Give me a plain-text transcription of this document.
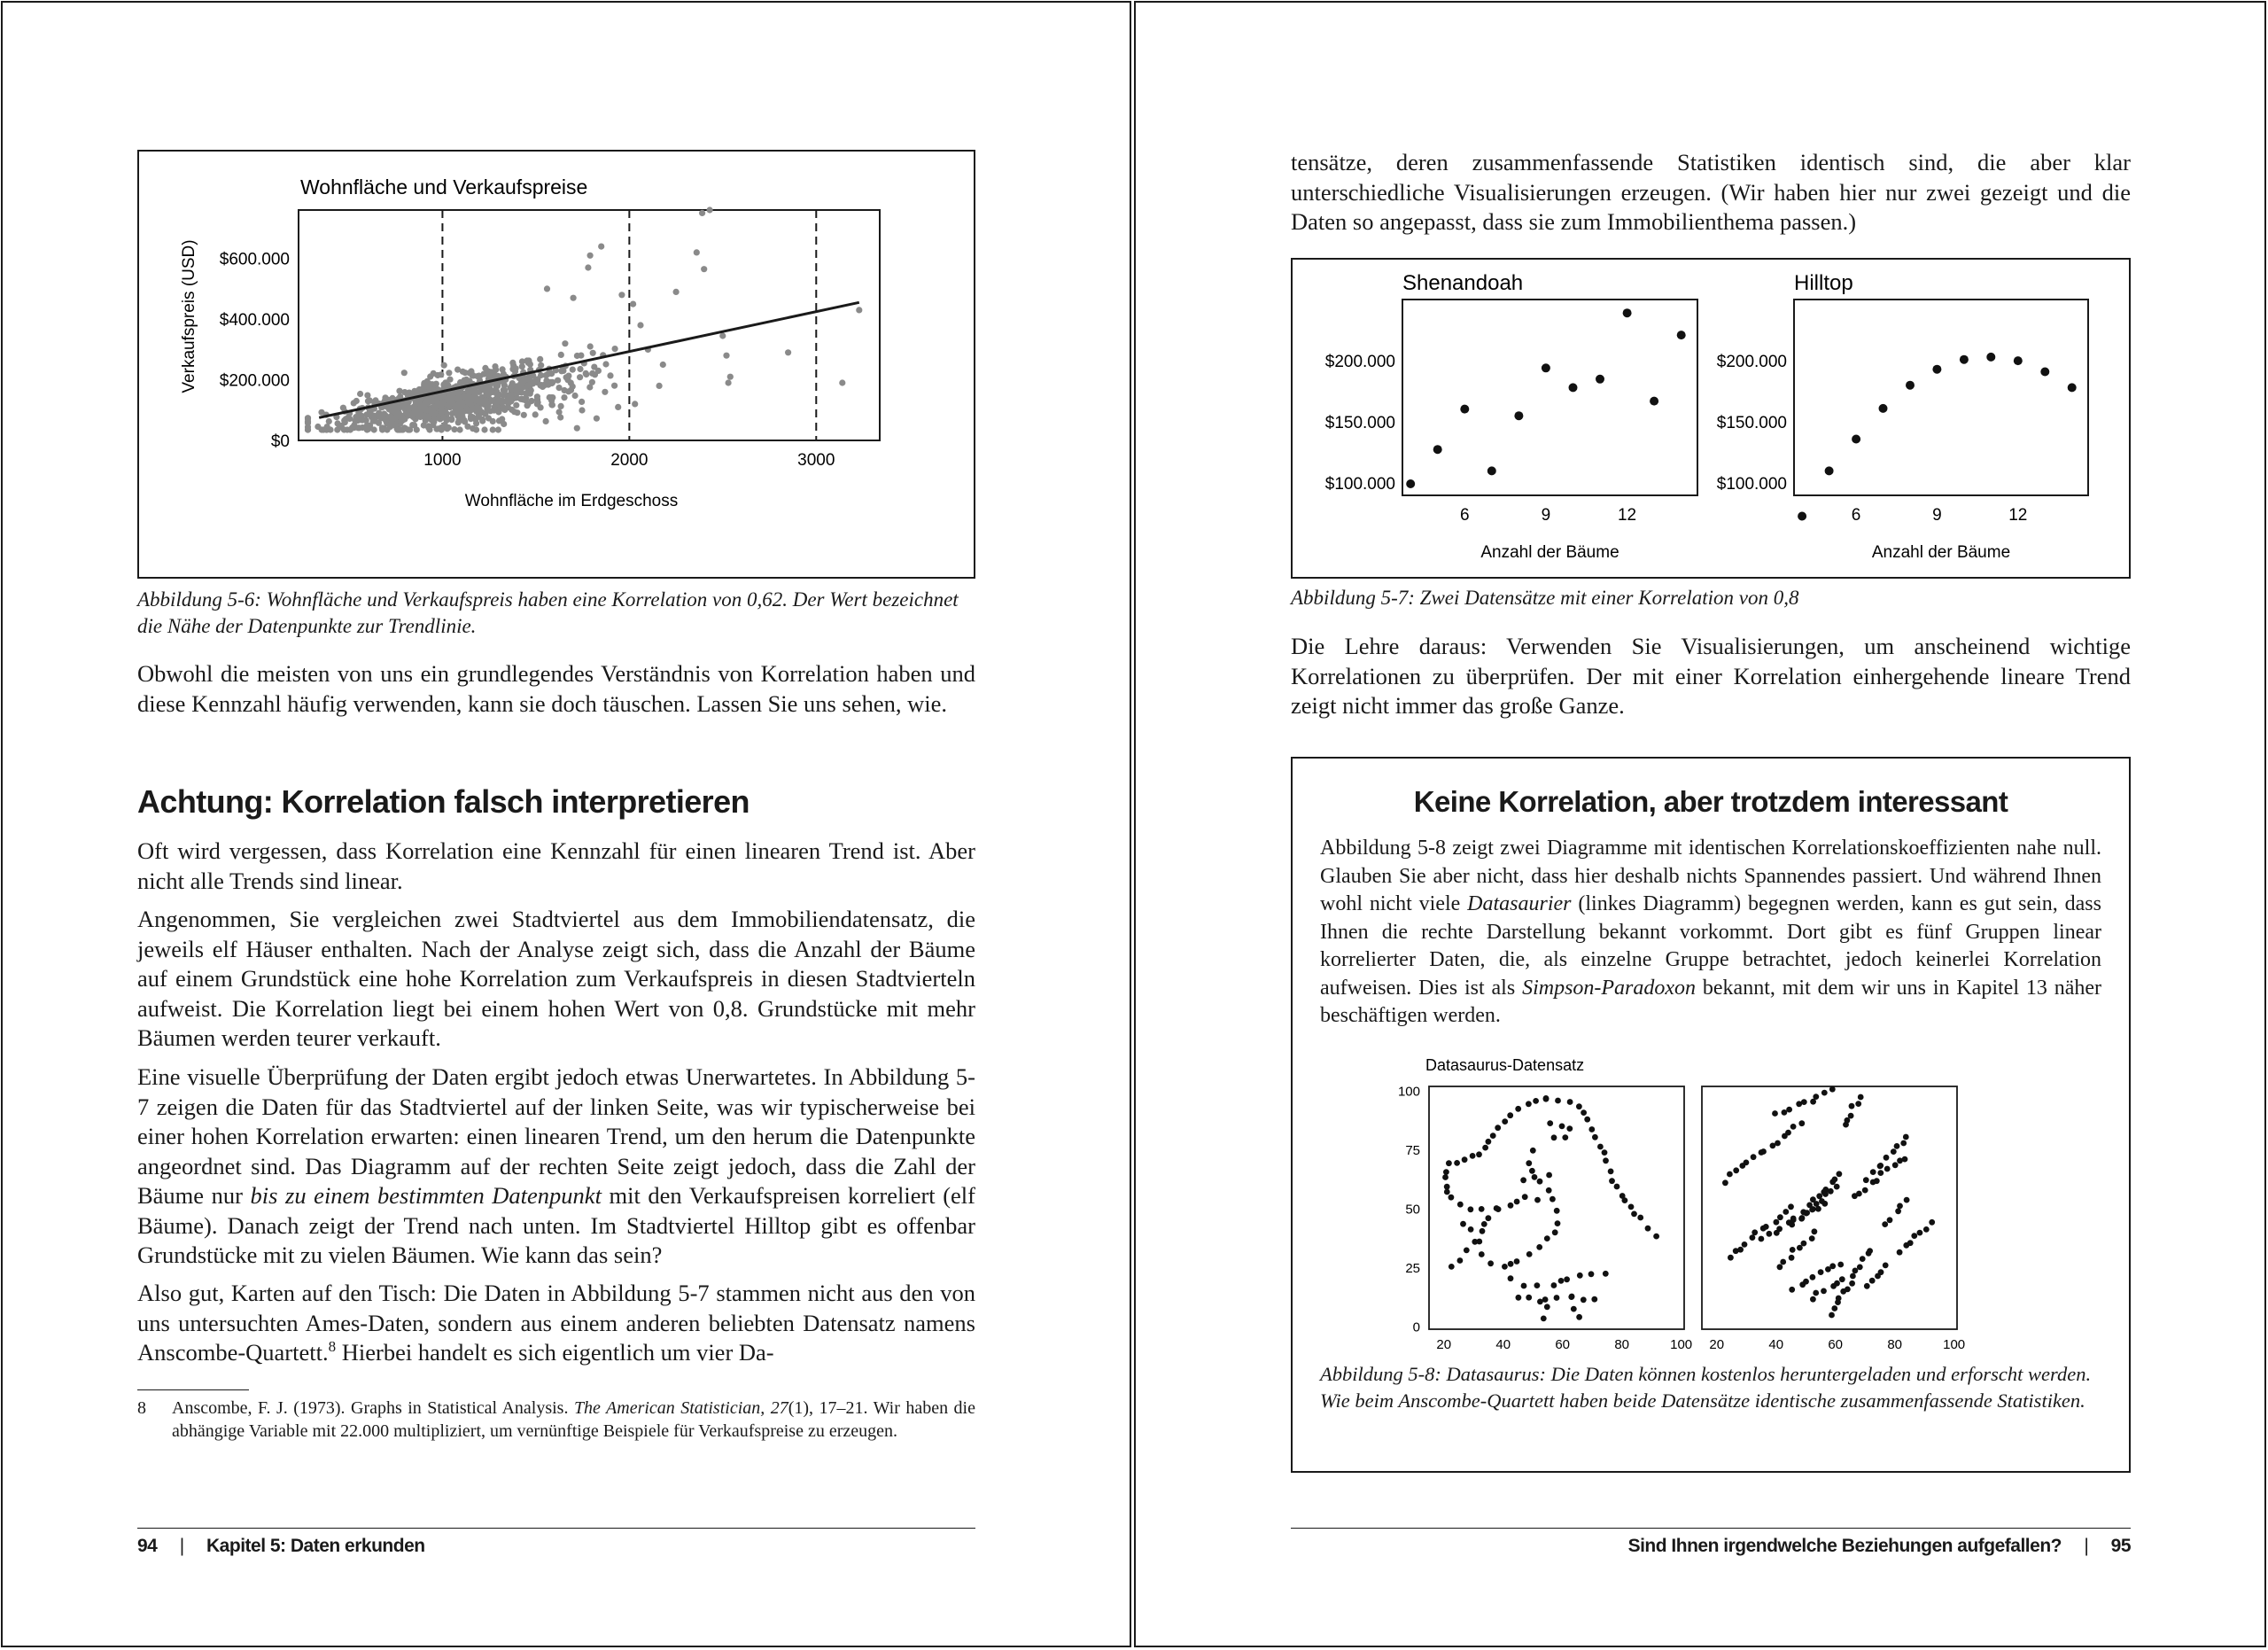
Wohnfläche und Verkaufspreise
$0
$200.000
$400.000
$600.000
1000	2000	3000
Wohnfläche im Erdgeschoss
Verkaufspreis (USD)

Abbildung 5-6: Wohnfläche und Verkaufspreis haben eine Korrelation von 0,62. Der Wert bezeichnet die Nähe der Datenpunkte zur Trendlinie.

Obwohl die meisten von uns ein grundlegendes Verständnis von Korrelation haben und diese Kennzahl häufig verwenden, kann sie doch täuschen. Lassen Sie uns sehen, wie.

Achtung: Korrelation falsch interpretieren

Oft wird vergessen, dass Korrelation eine Kennzahl für einen linearen Trend ist. Aber nicht alle Trends sind linear.

Angenommen, Sie vergleichen zwei Stadtviertel aus dem Immobiliendatensatz, die jeweils elf Häuser enthalten. Nach der Analyse zeigt sich, dass die Anzahl der Bäume auf einem Grundstück eine hohe Korrelation zum Verkaufspreis in diesen Stadtvierteln aufweist. Die Korrelation liegt bei einem hohen Wert von 0,8. Grundstücke mit mehr Bäumen werden teurer verkauft.

Eine visuelle Überprüfung der Daten ergibt jedoch etwas Unerwartetes. In Abbildung 5-7 zeigen die Daten für das Stadtviertel auf der linken Seite, was wir typischerweise bei einer hohen Korrelation erwarten: einen linearen Trend, um den herum die Datenpunkte angeordnet sind. Das Diagramm auf der rechten Seite zeigt jedoch, dass die Zahl der Bäume nur bis zu einem bestimmten Datenpunkt mit den Verkaufspreisen korreliert (elf Bäume). Danach zeigt der Trend nach unten. Im Stadtviertel Hilltop gibt es offenbar Grundstücke mit zu vielen Bäumen. Wie kann das sein?

Also gut, Karten auf den Tisch: Die Daten in Abbildung 5-7 stammen nicht aus den von uns untersuchten Ames-Daten, sondern aus einem anderen beliebten Datensatz namens Anscombe-Quartett.$^8$ Hierbei handelt es sich eigentlich um vier Da-

8 Anscombe, F. J. (1973). Graphs in Statistical Analysis. The American Statistician, 27(1), 17–21. Wir haben die abhängige Variable mit 22.000 multipliziert, um vernünftige Beispiele für Verkaufspreise zu erzeugen.
94 | Kapitel 5: Daten erkunden

tensätze, deren zusammenfassende Statistiken identisch sind, die aber klar unterschiedliche Visualisierungen erzeugen. (Wir haben hier nur zwei gezeigt und die Daten so angepasst, dass sie zum Immobilienthema passen.)

Shenandoah
$100.000
$150.000
$200.000
6	9	12
Anzahl der Bäume
Hilltop
$200.000
$150.000
$100.000
6	9	12
Anzahl der Bäume

Abbildung 5-7: Zwei Datensätze mit einer Korrelation von 0,8

Die Lehre daraus: Verwenden Sie Visualisierungen, um anscheinend wichtige Korrelationen zu überprüfen. Der mit einer Korrelation einhergehende lineare Trend zeigt nicht immer das große Ganze.

Keine Korrelation, aber trotzdem interessant

Abbildung 5-8 zeigt zwei Diagramme mit identischen Korrelationskoeffizienten nahe null. Glauben Sie aber nicht, dass hier deshalb nichts Spannendes passiert. Und während Ihnen wohl nicht viele Datasaurier (linkes Diagramm) begegnen werden, kann es gut sein, dass Ihnen die rechte Darstellung bekannt vorkommt. Dort gibt es fünf Gruppen linear korrelierter Daten, die, als einzelne Gruppe betrachtet, jedoch keinerlei Korrelation aufweisen. Dies ist als Simpson-Paradoxon bekannt, mit dem wir uns in Kapitel 13 näher beschäftigen werden.

Datasaurus-Datensatz
20	40	60	80	100
0
25
50
75
100
20	40	60	80	100

Abbildung 5-8: Datasaurus: Die Daten können kostenlos heruntergeladen und erforscht werden. Wie beim Anscombe-Quartett haben beide Datensätze identische zusammenfassende Statistiken.

Sind Ihnen irgendwelche Beziehungen aufgefallen? | 95
